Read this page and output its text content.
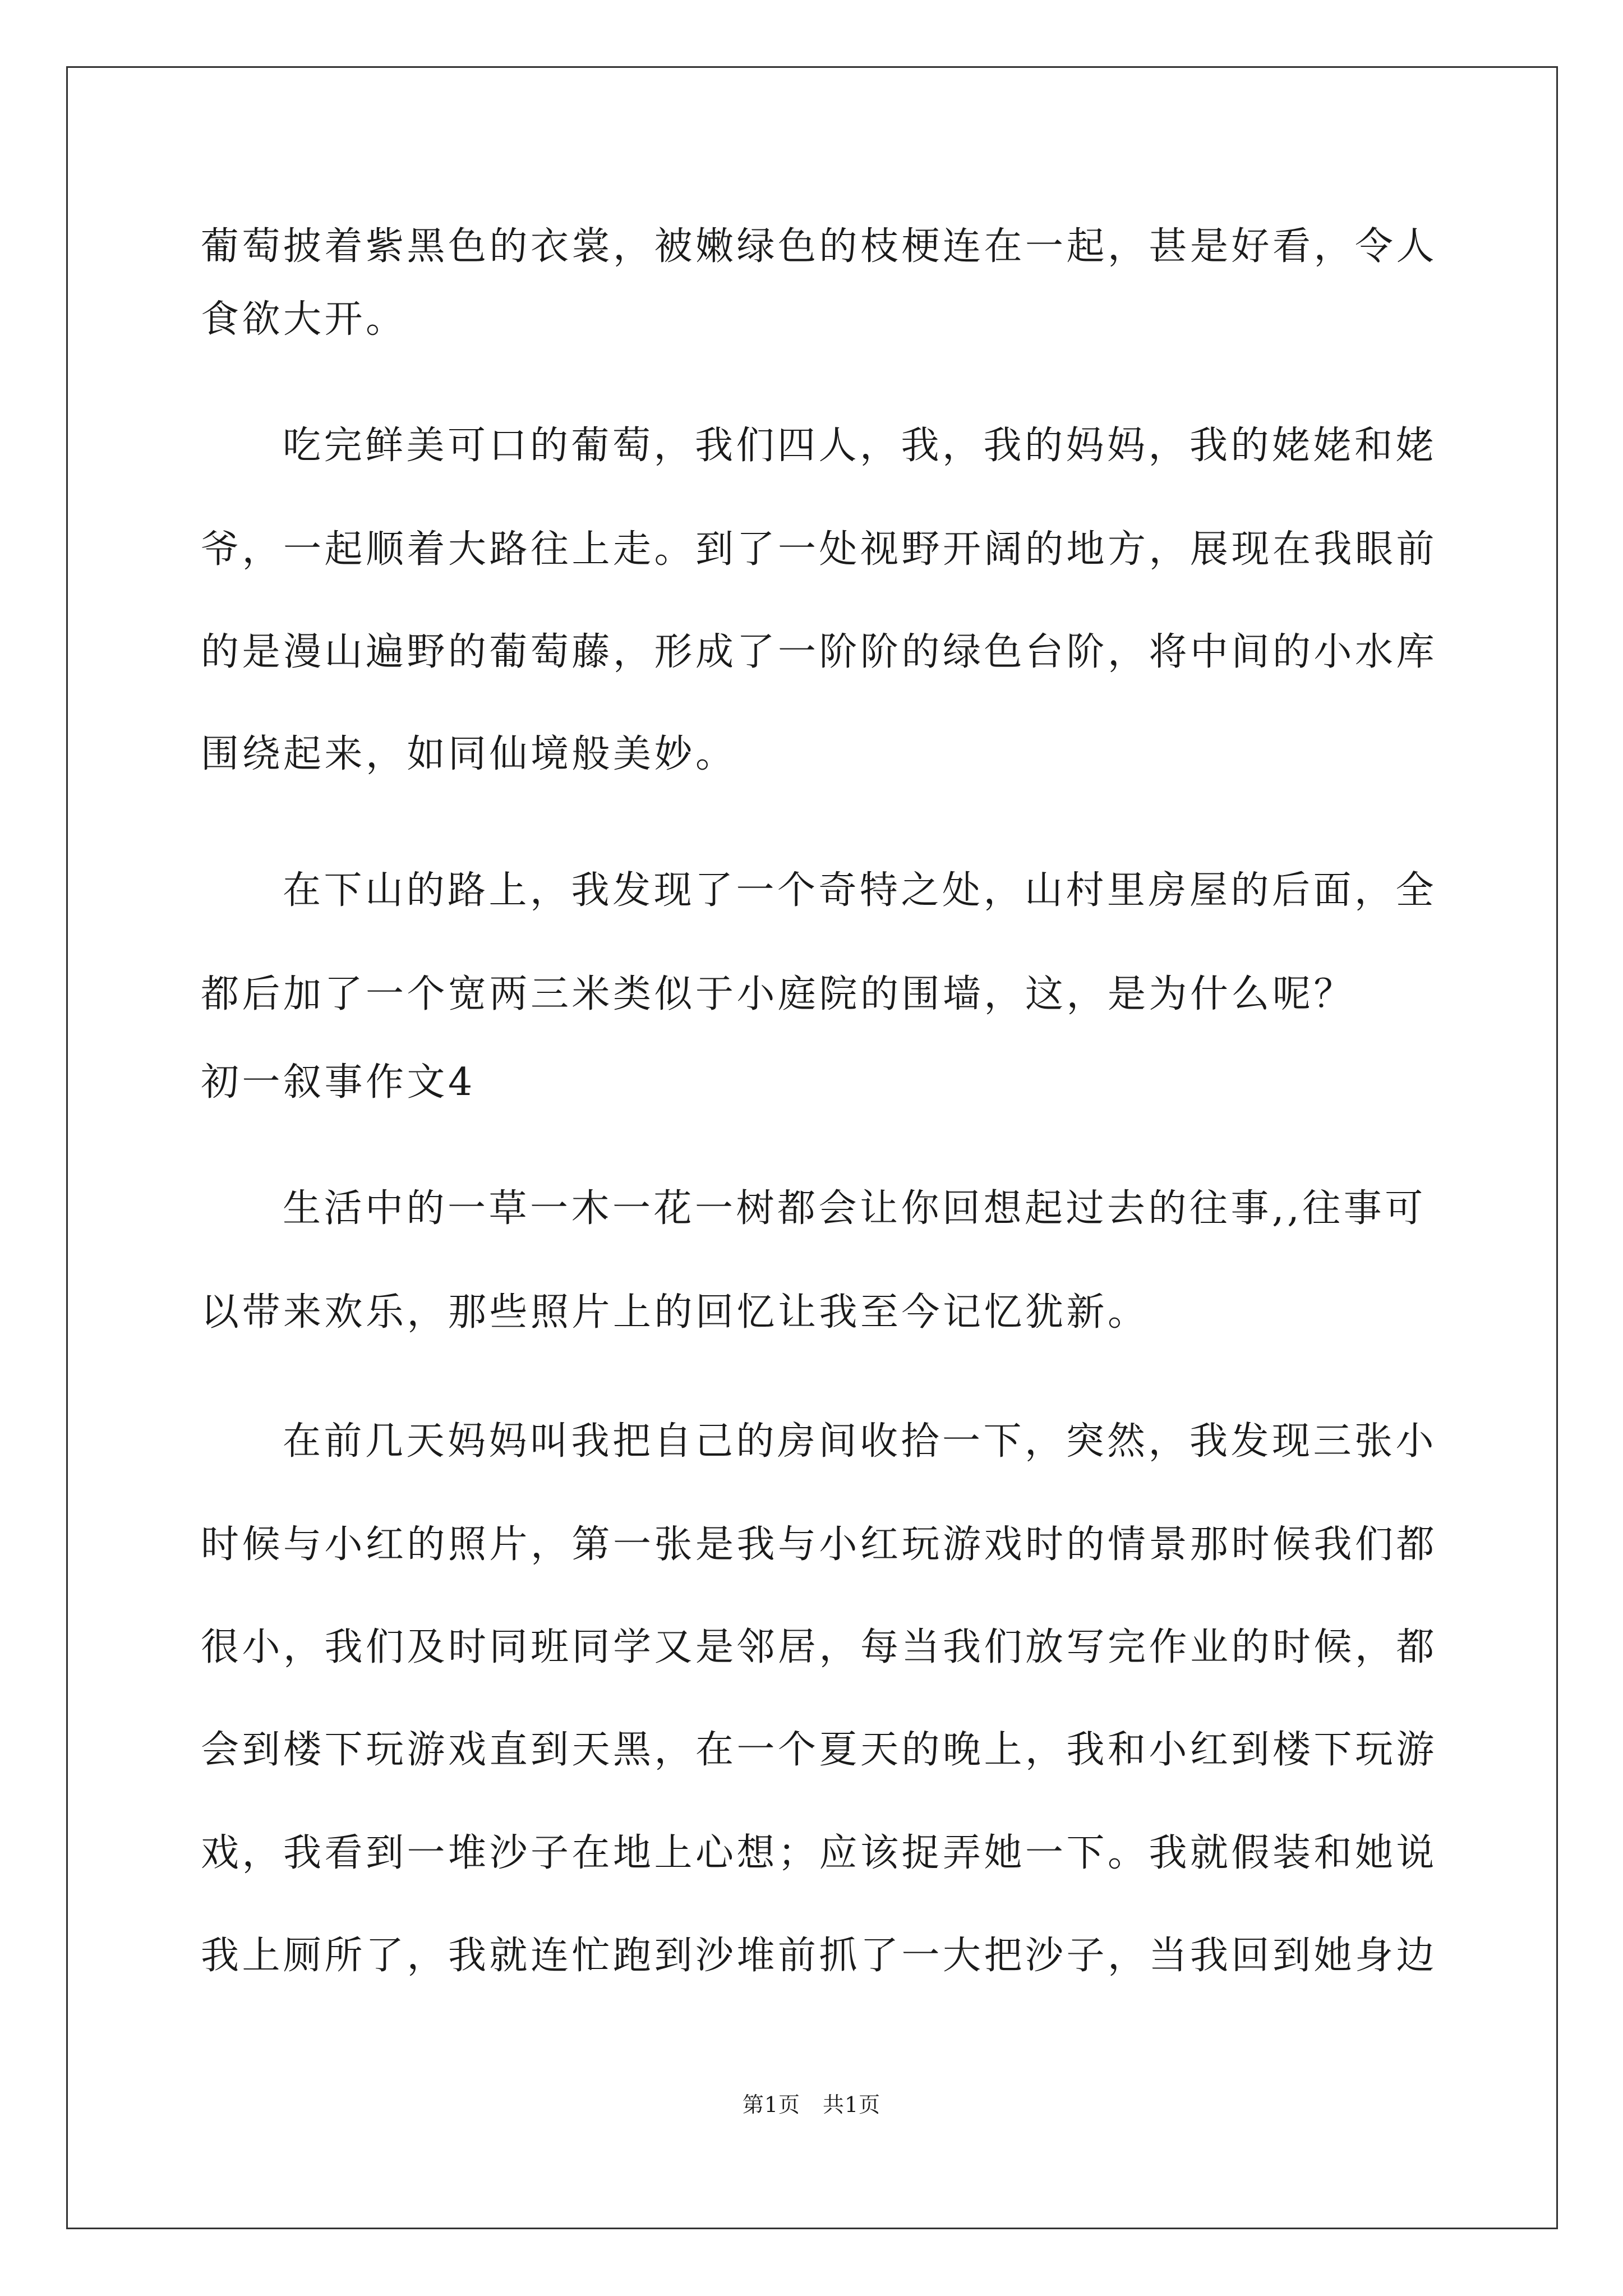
葡萄披着紫黑色的衣裳，被嫩绿色的枝梗连在一起，甚是好看，令人
食欲大开。
吃完鲜美可口的葡萄，我们四人，我，我的妈妈，我的姥姥和姥
爷，一起顺着大路往上走。到了一处视野开阔的地方，展现在我眼前
的是漫山遍野的葡萄藤，形成了一阶阶的绿色台阶，将中间的小水库
围绕起来，如同仙境般美妙。
在下山的路上，我发现了一个奇特之处，山村里房屋的后面，全
都后加了一个宽两三米类似于小庭院的围墙，这，是为什么呢？
初一叙事作文4
生活中的一草一木一花一树都会让你回想起过去的往事,,往事可
以带来欢乐，那些照片上的回忆让我至今记忆犹新。
在前几天妈妈叫我把自己的房间收拾一下，突然，我发现三张小
时候与小红的照片，第一张是我与小红玩游戏时的情景那时候我们都
很小，我们及时同班同学又是邻居，每当我们放写完作业的时候，都
会到楼下玩游戏直到天黑，在一个夏天的晚上，我和小红到楼下玩游
戏，我看到一堆沙子在地上心想；应该捉弄她一下。我就假装和她说
我上厕所了，我就连忙跑到沙堆前抓了一大把沙子，当我回到她身边
第1页 共1页
